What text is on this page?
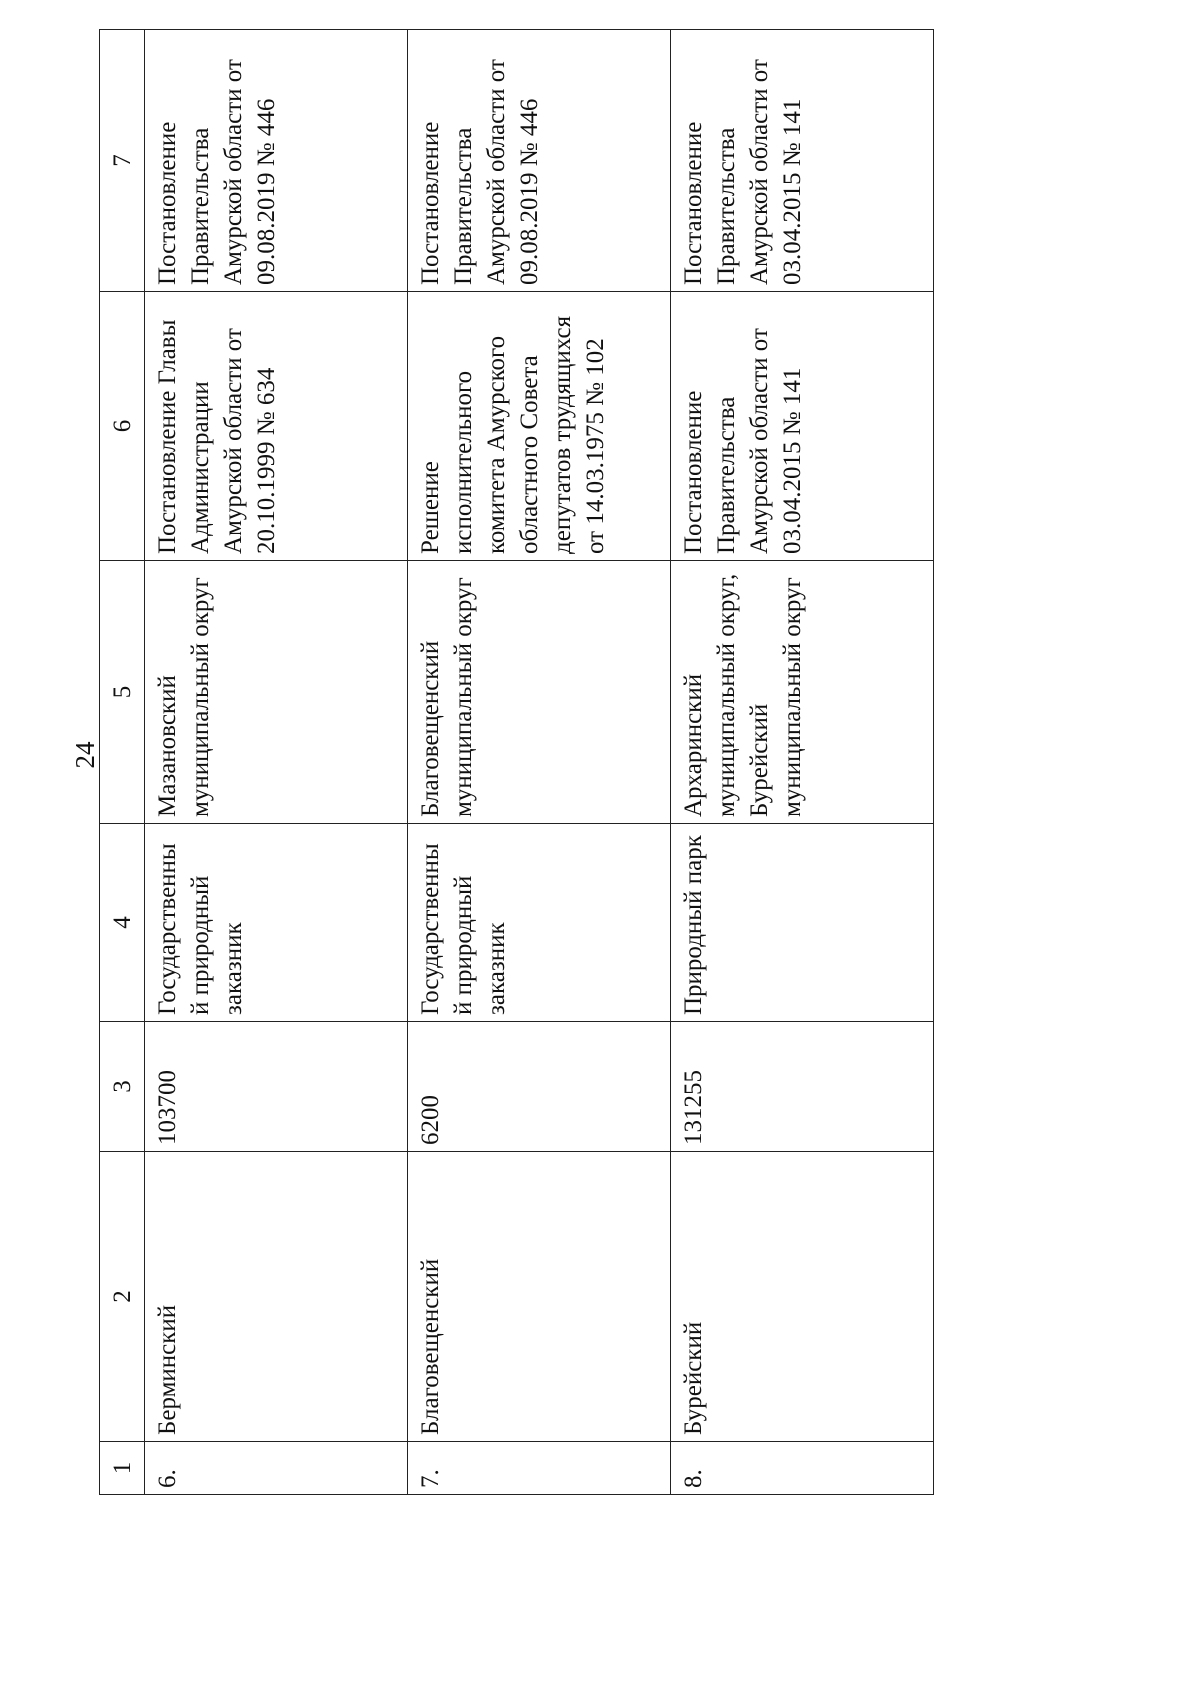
24
1	2	3	4	5	6	7
6.	Берминский	103700	Государственный природный заказник	Мазановский муниципальный округ	Постановление Главы Администрации Амурской области от 20.10.1999 № 634	Постановление Правительства Амурской области от 09.08.2019 № 446
7.	Благовещенский	6200	Государственный природный заказник	Благовещенский муниципальный округ	Решение исполнительного комитета Амурского областного Совета депутатов трудящихся от 14.03.1975 № 102	Постановление Правительства Амурской области от 09.08.2019 № 446
8.	Бурейский	131255	Природный парк	Архаринский муниципальный округ, Бурейский муниципальный округ	Постановление Правительства Амурской области от 03.04.2015 № 141	Постановление Правительства Амурской области от 03.04.2015 № 141
